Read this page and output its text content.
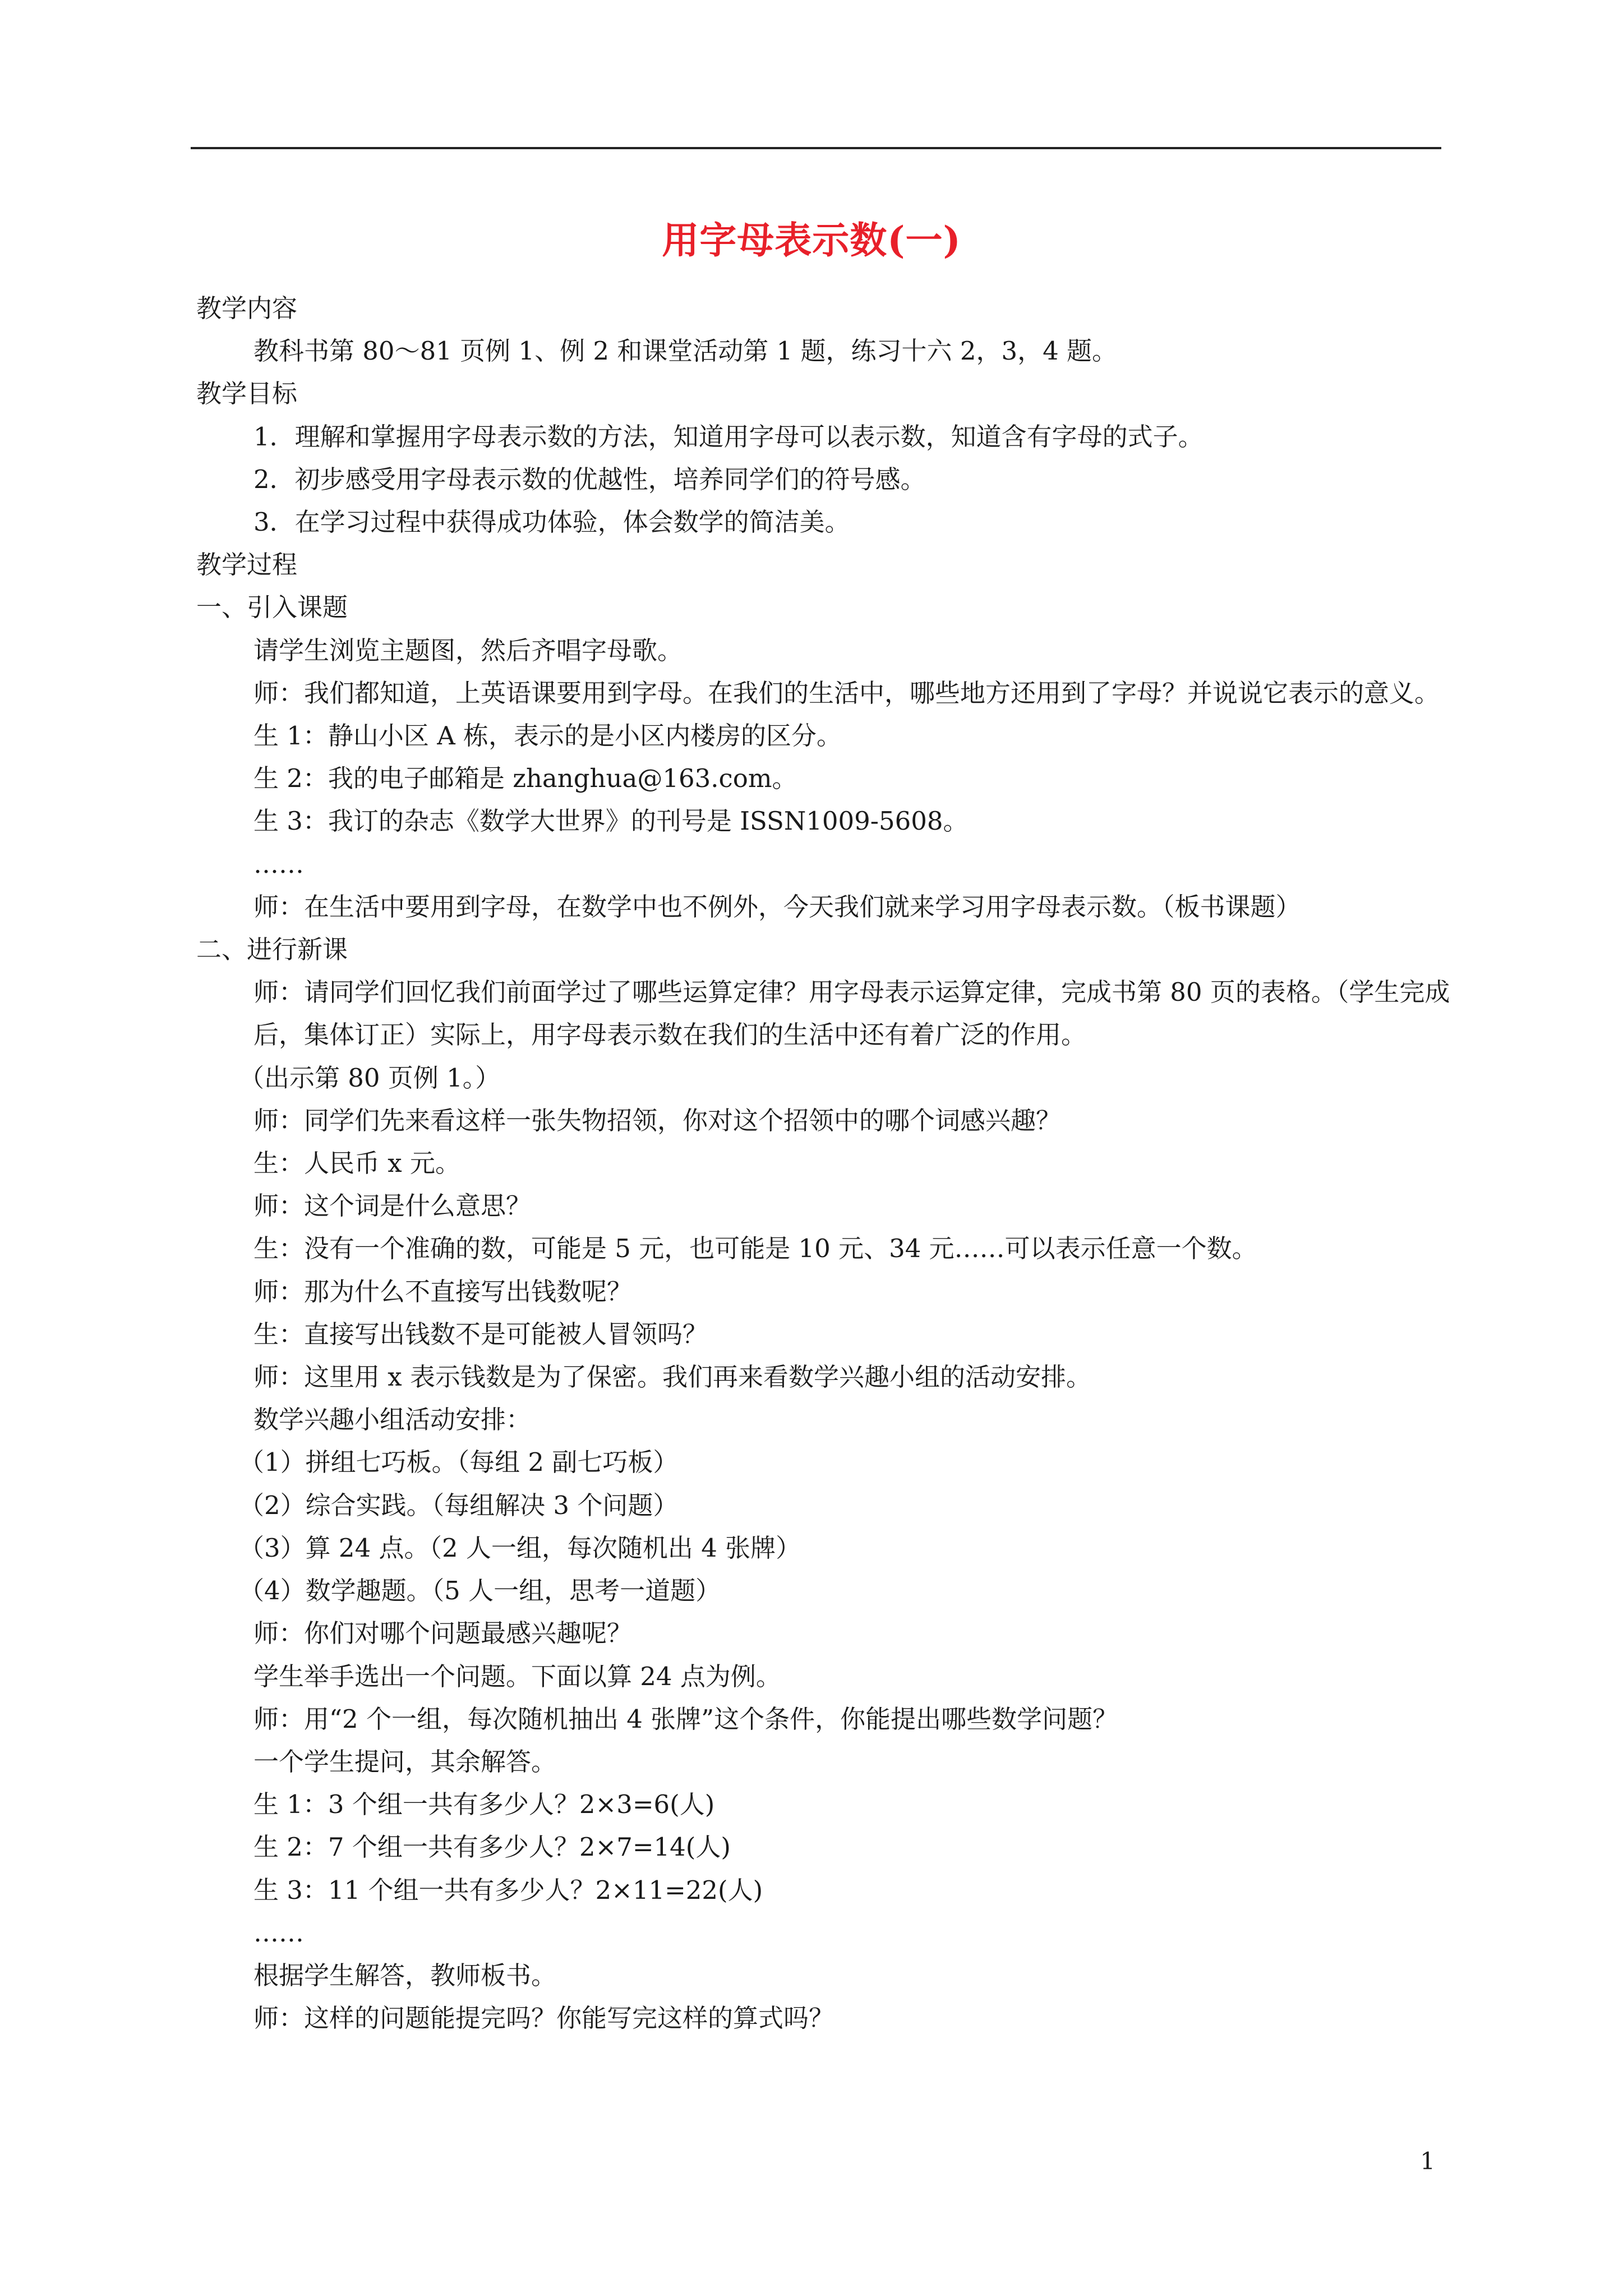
用字母表示数(一)

教学内容

教科书第 80～81 页例 1、例 2 和课堂活动第 1 题，练习十六 2，3，4 题。

教学目标

1．理解和掌握用字母表示数的方法，知道用字母可以表示数，知道含有字母的式子。

2．初步感受用字母表示数的优越性，培养同学们的符号感。

3．在学习过程中获得成功体验，体会数学的简洁美。

教学过程

一、引入课题

请学生浏览主题图，然后齐唱字母歌。

师：我们都知道，上英语课要用到字母。在我们的生活中，哪些地方还用到了字母？并说说它表示的意义。

生 1：静山小区 A 栋，表示的是小区内楼房的区分。

生 2：我的电子邮箱是 zhanghua@163.com。

生 3：我订的杂志《数学大世界》的刊号是 ISSN1009-5608。

……

师：在生活中要用到字母，在数学中也不例外，今天我们就来学习用字母表示数。（板书课题）

二、进行新课

师：请同学们回忆我们前面学过了哪些运算定律？用字母表示运算定律，完成书第 80 页的表格。（学生完成后，集体订正）实际上，用字母表示数在我们的生活中还有着广泛的作用。

（出示第 80 页例 1。）

师：同学们先来看这样一张失物招领，你对这个招领中的哪个词感兴趣？

生：人民币 x 元。

师：这个词是什么意思？

生：没有一个准确的数，可能是 5 元，也可能是 10 元、34 元……可以表示任意一个数。

师：那为什么不直接写出钱数呢？

生：直接写出钱数不是可能被人冒领吗？

师：这里用 x 表示钱数是为了保密。我们再来看数学兴趣小组的活动安排。

数学兴趣小组活动安排：

（1）拼组七巧板。（每组 2 副七巧板）

（2）综合实践。（每组解决 3 个问题）

（3）算 24 点。（2 人一组，每次随机出 4 张牌）

（4）数学趣题。（5 人一组，思考一道题）

师：你们对哪个问题最感兴趣呢？

学生举手选出一个问题。下面以算 24 点为例。

师：用“2 个一组，每次随机抽出 4 张牌”这个条件，你能提出哪些数学问题？

一个学生提问，其余解答。

生 1：3 个组一共有多少人？2×3=6(人)

生 2：7 个组一共有多少人？2×7=14(人)

生 3：11 个组一共有多少人？2×11=22(人)

……

根据学生解答，教师板书。

师：这样的问题能提完吗？你能写完这样的算式吗？

1
